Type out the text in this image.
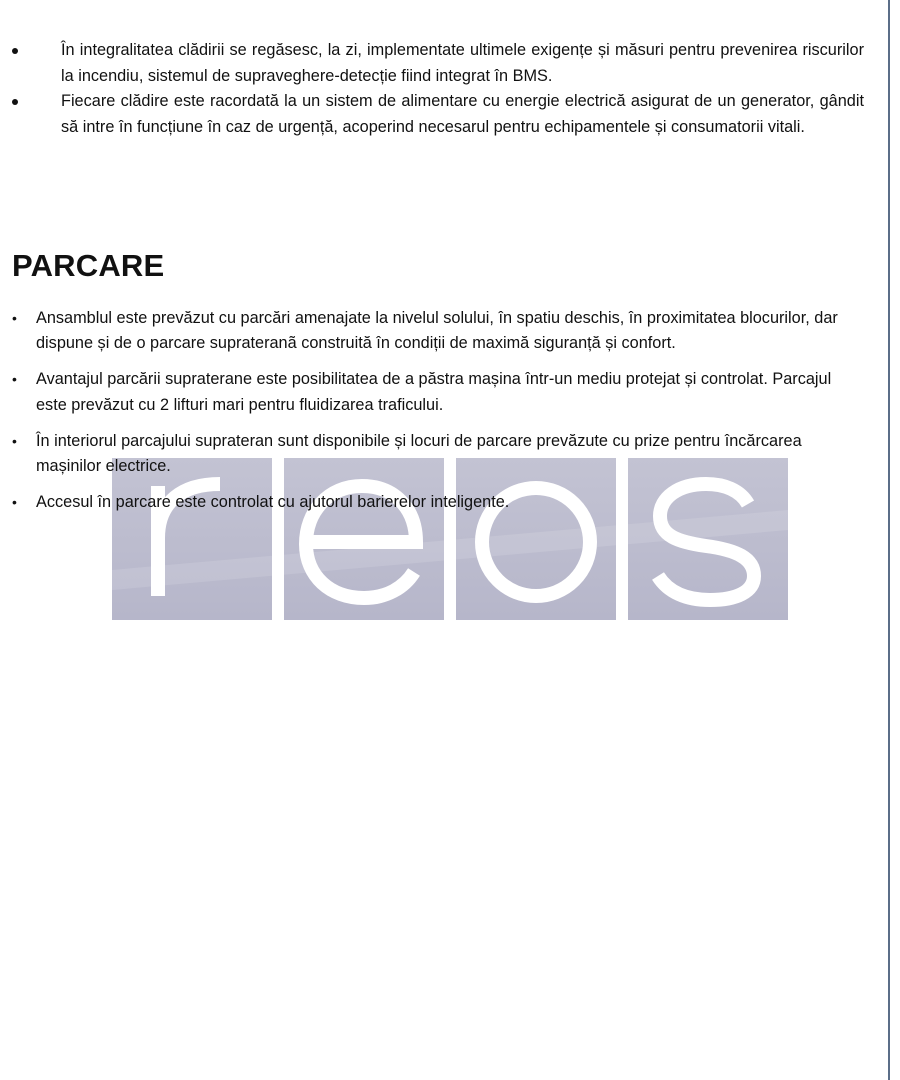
În integralitatea clădirii se regăsesc, la zi, implementate ultimele exigențe și măsuri pentru prevenirea riscurilor la incendiu, sistemul de supraveghere-detecție fiind integrat în BMS.
Fiecare clădire este racordată la un sistem de alimentare cu energie electrică asigurat de un generator, gândit să intre în funcțiune în caz de urgență, acoperind necesarul pentru echipamentele și consumatorii vitali.
PARCARE
• Ansamblul este prevăzut cu parcări amenajate la nivelul solului, în spatiu deschis, în proximitatea blocurilor, dar dispune și de o parcare suprateranã construită în condiții de maximă siguranță și confort.
• Avantajul parcării supraterane este posibilitatea de a păstra mașina într-un mediu protejat și controlat. Parcajul este prevăzut cu 2 lifturi mari pentru fluidizarea traficului.
• În interiorul parcajului suprateran sunt disponibile și locuri de parcare prevăzute cu prize pentru încărcarea mașinilor electrice.
• Accesul în parcare este controlat cu ajutorul barierelor inteligente.
